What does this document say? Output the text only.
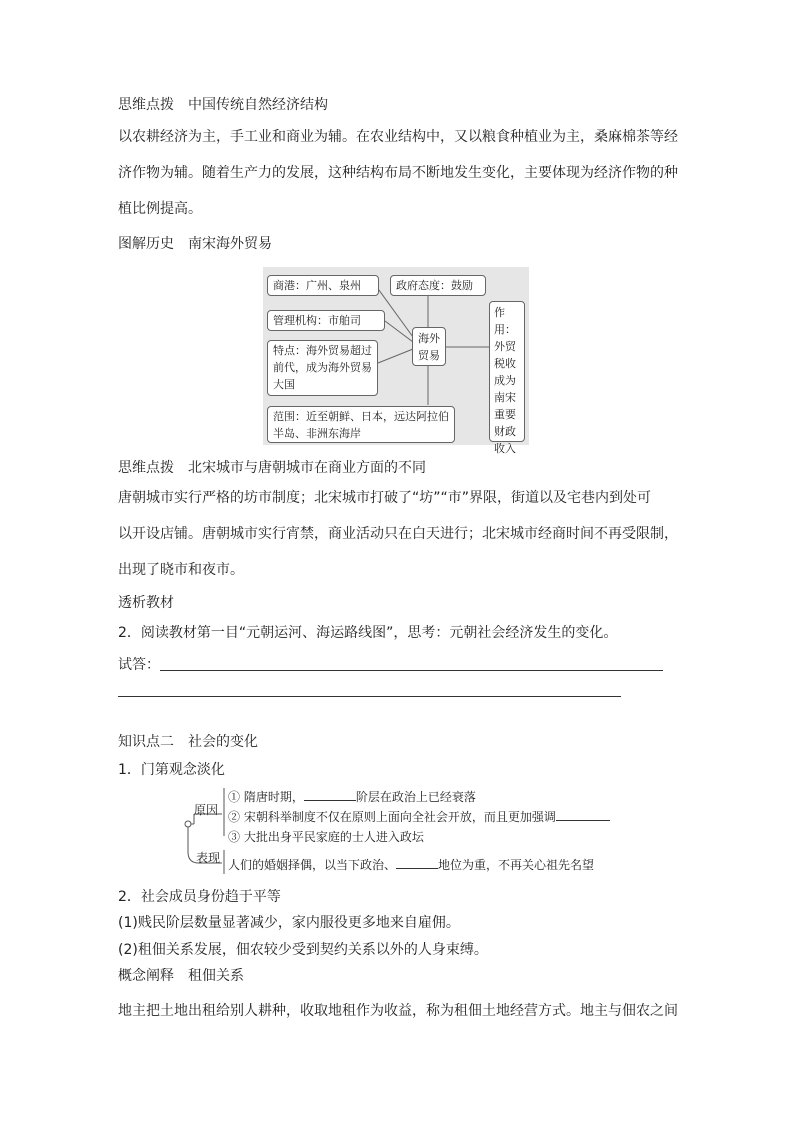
思维点拨　中国传统自然经济结构
以农耕经济为主，手工业和商业为辅。在农业结构中，又以粮食种植业为主，桑麻棉茶等经
济作物为辅。随着生产力的发展，这种结构布局不断地发生变化，主要体现为经济作物的种
植比例提高。
图解历史　南宋海外贸易
商港：广州、泉州	政府态度：鼓励
管理机构：市舶司
特点：海外贸易超过前代，成为海外贸易大国
海外贸易
作用：外贸税收成为南宋重要财政收入
范围：近至朝鲜、日本，远达阿拉伯半岛、非洲东海岸
思维点拨　北宋城市与唐朝城市在商业方面的不同
唐朝城市实行严格的坊市制度；北宋城市打破了“坊”“市”界限，街道以及宅巷内到处可
以开设店铺。唐朝城市实行宵禁，商业活动只在白天进行；北宋城市经商时间不再受限制，
出现了晓市和夜市。
透析教材
2．阅读教材第一目“元朝运河、海运路线图”，思考：元朝社会经济发生的变化。
试答：
知识点二　社会的变化
1．门第观念淡化
原因
表现
① 隋唐时期，	阶层在政治上已经衰落
② 宋朝科举制度不仅在原则上面向全社会开放，而且更加强调
③ 大批出身平民家庭的士人进入政坛
人们的婚姻择偶，以当下政治、	地位为重，不再关心祖先名望
2．社会成员身份趋于平等
(1)贱民阶层数量显著减少，家内服役更多地来自雇佣。
(2)租佃关系发展，佃农较少受到契约关系以外的人身束缚。
概念阐释　租佃关系
地主把土地出租给别人耕种，收取地租作为收益，称为租佃土地经营方式。地主与佃农之间
